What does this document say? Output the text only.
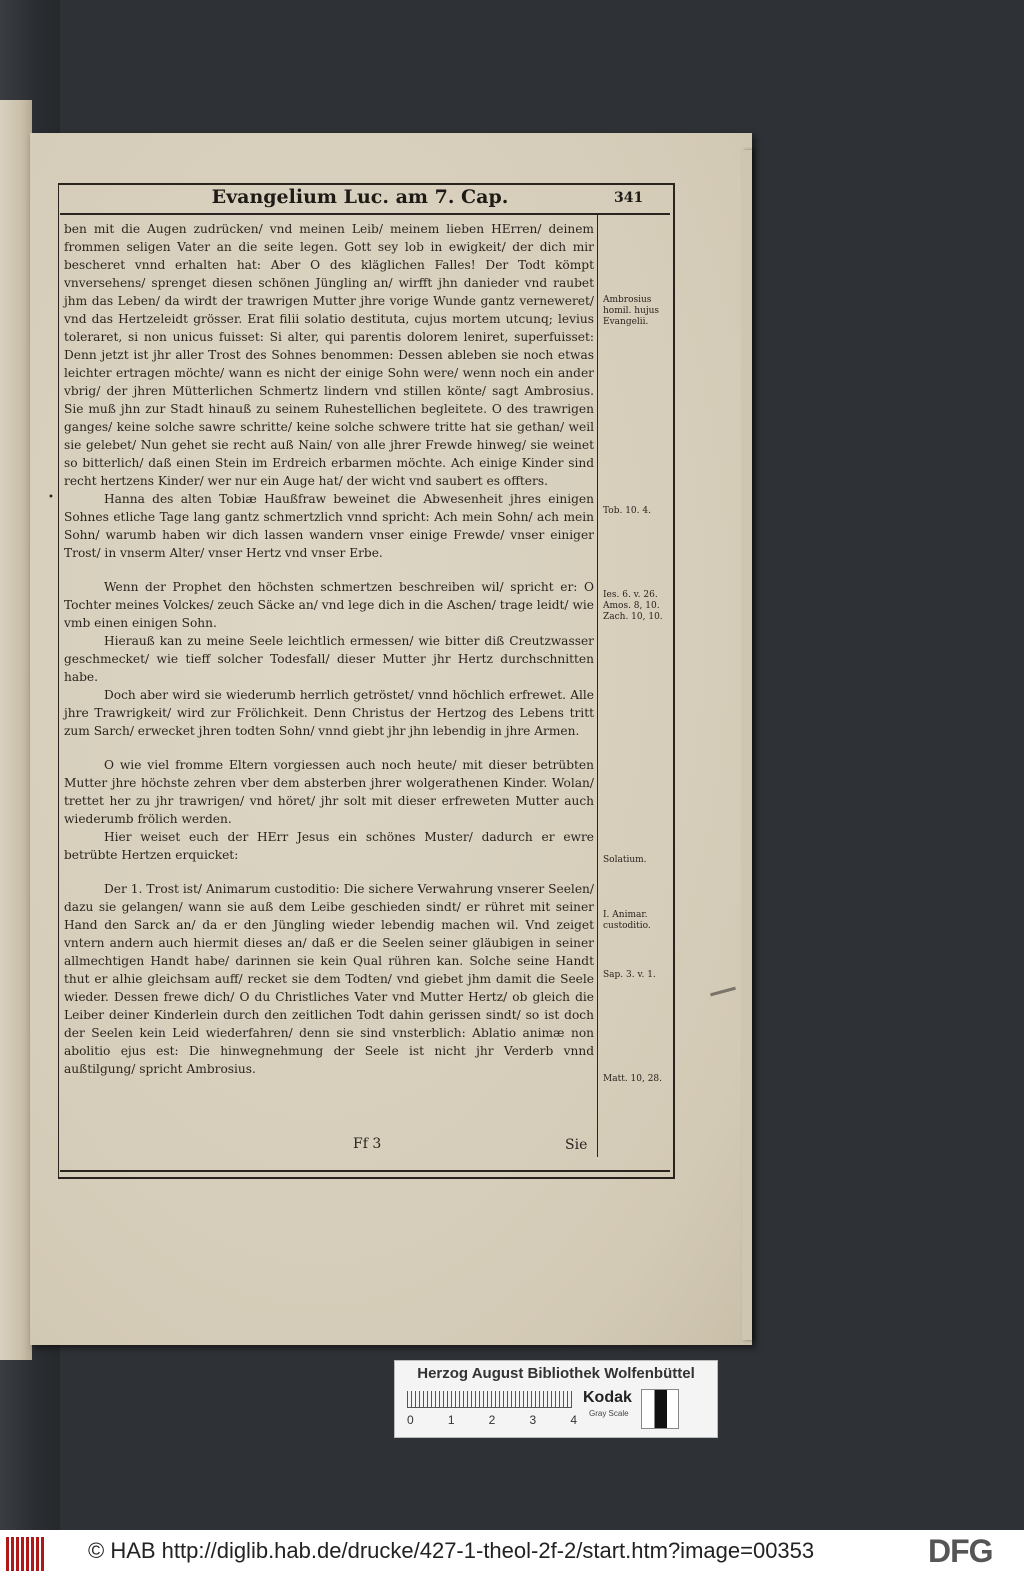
Evangelium Luc. am 7. Cap.	341
•

ben mit die Augen zudrücken/ vnd meinen Leib/ meinem lieben HErren/ deinem frommen seligen Vater an die seite legen. Gott sey lob in ewigkeit/ der dich mir bescheret vnnd erhalten hat: Aber O des kläglichen Falles! Der Todt kömpt vnversehens/ sprenget diesen schönen Jüngling an/ wirfft jhn danieder vnd raubet jhm das Leben/ da wirdt der trawrigen Mutter jhre vorige Wunde gantz verneweret/ vnd das Hertzeleidt grösser. Erat filii solatio destituta, cujus mortem utcunq; levius toleraret, si non unicus fuisset: Si alter, qui parentis dolorem leniret, superfuisset: Denn jetzt ist jhr aller Trost des Sohnes benommen: Dessen ableben sie noch etwas leichter ertragen möchte/ wann es nicht der einige Sohn were/ wenn noch ein ander vbrig/ der jhren Mütterlichen Schmertz lindern vnd stillen könte/ sagt Ambrosius. Sie muß jhn zur Stadt hinauß zu seinem Ruhestellichen begleitete. O des trawrigen ganges/ keine solche sawre schritte/ keine solche schwere tritte hat sie gethan/ weil sie gelebet/ Nun gehet sie recht auß Nain/ von alle jhrer Frewde hinweg/ sie weinet so bitterlich/ daß einen Stein im Erdreich erbarmen möchte. Ach einige Kinder sind recht hertzens Kinder/ wer nur ein Auge hat/ der wicht vnd saubert es offters.

Hanna des alten Tobiæ Haußfraw beweinet die Abwesenheit jhres einigen Sohnes etliche Tage lang gantz schmertzlich vnnd spricht: Ach mein Sohn/ ach mein Sohn/ warumb haben wir dich lassen wandern vnser einige Frewde/ vnser einiger Trost/ in vnserm Alter/ vnser Hertz vnd vnser Erbe.

Wenn der Prophet den höchsten schmertzen beschreiben wil/ spricht er: O Tochter meines Volckes/ zeuch Säcke an/ vnd lege dich in die Aschen/ trage leidt/ wie vmb einen einigen Sohn.

Hierauß kan zu meine Seele leichtlich ermessen/ wie bitter diß Creutzwasser geschmecket/ wie tieff solcher Todesfall/ dieser Mutter jhr Hertz durchschnitten habe.

Doch aber wird sie wiederumb herrlich getröstet/ vnnd höchlich erfrewet. Alle jhre Trawrigkeit/ wird zur Frölichkeit. Denn Christus der Hertzog des Lebens tritt zum Sarch/ erwecket jhren todten Sohn/ vnnd giebt jhr jhn lebendig in jhre Armen.

O wie viel fromme Eltern vorgiessen auch noch heute/ mit dieser betrübten Mutter jhre höchste zehren vber dem absterben jhrer wolgerathenen Kinder. Wolan/ trettet her zu jhr trawrigen/ vnd höret/ jhr solt mit dieser erfreweten Mutter auch wiederumb frölich werden.

Hier weiset euch der HErr Jesus ein schönes Muster/ dadurch er ewre betrübte Hertzen erquicket:

Der 1. Trost ist/ Animarum custoditio: Die sichere Verwahrung vnserer Seelen/ dazu sie gelangen/ wann sie auß dem Leibe geschieden sindt/ er rühret mit seiner Hand den Sarck an/ da er den Jüngling wieder lebendig machen wil. Vnd zeiget vntern andern auch hiermit dieses an/ daß er die Seelen seiner gläubigen in seiner allmechtigen Handt habe/ darinnen sie kein Qual rühren kan. Solche seine Handt thut er alhie gleichsam auff/ recket sie dem Todten/ vnd giebet jhm damit die Seele wieder. Dessen frewe dich/ O du Christliches Vater vnd Mutter Hertz/ ob gleich die Leiber deiner Kinderlein durch den zeitlichen Todt dahin gerissen sindt/ so ist doch der Seelen kein Leid wiederfahren/ denn sie sind vnsterblich: Ablatio animæ non abolitio ejus est: Die hinwegnehmung der Seele ist nicht jhr Verderb vnnd außtilgung/ spricht Ambrosius.

Ambrosius homil. hujus Evangelii.
Tob. 10. 4.
Ies. 6. v. 26. Amos. 8, 10. Zach. 10, 10.
Solatium.
I. Animar. custoditio.
Sap. 3. v. 1.
Matt. 10, 28.
Ff 3	Sie
Herzog August Bibliothek Wolfenbüttel
0	1	2	3	4
Kodak
Gray Scale
© HAB http://diglib.hab.de/drucke/427-1-theol-2f-2/start.htm?image=00353	DFG
